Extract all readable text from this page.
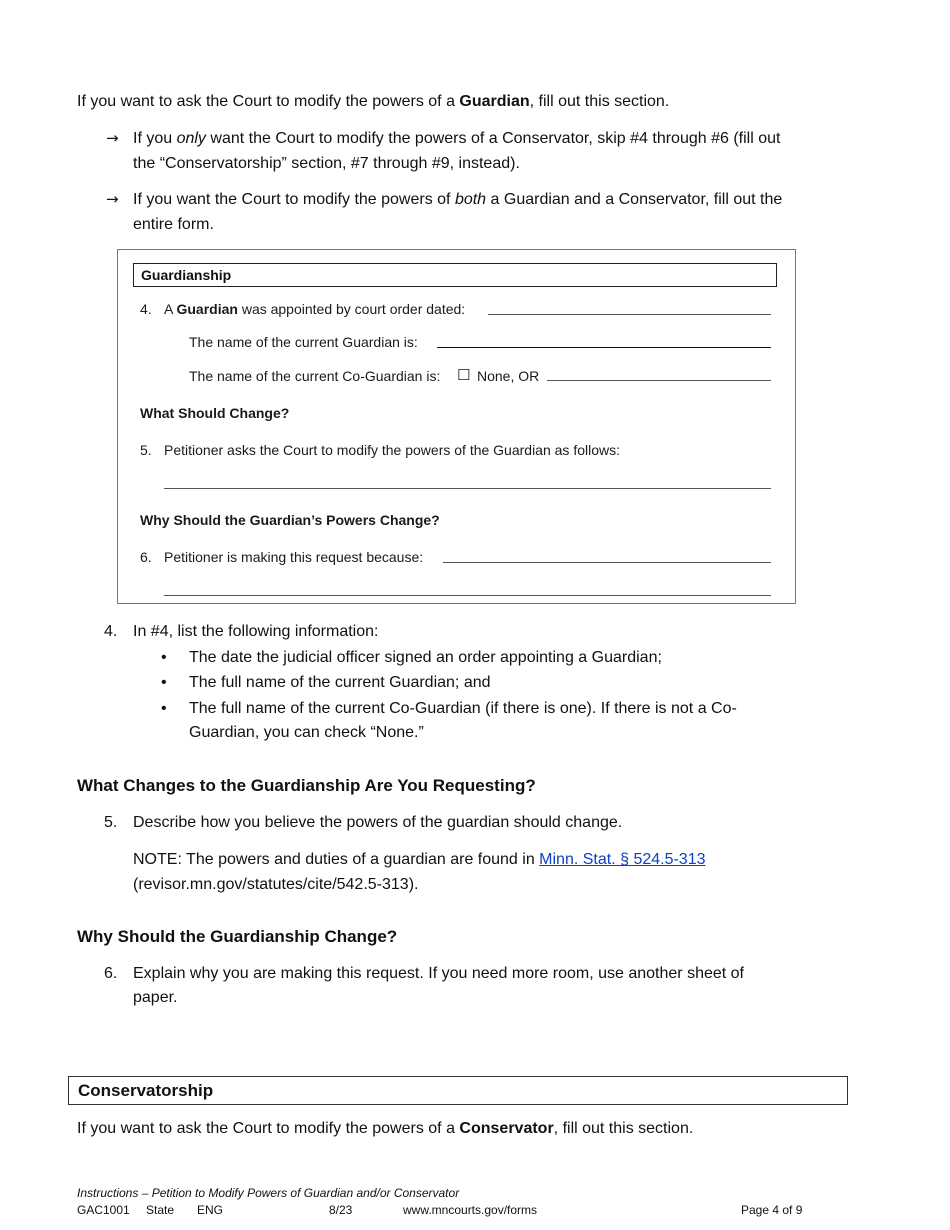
If you want to ask the Court to modify the powers of a Guardian, fill out this section.
→ If you only want the Court to modify the powers of a Conservator, skip #4 through #6 (fill out
the “Conservatorship” section, #7 through #9, instead).
→ If you want the Court to modify the powers of both a Guardian and a Conservator, fill out the
entire form.
Guardianship
4. A Guardian was appointed by court order dated:
The name of the current Guardian is:
The name of the current Co-Guardian is: ☐ None, OR
What Should Change?
5. Petitioner asks the Court to modify the powers of the Guardian as follows:
Why Should the Guardian’s Powers Change?
6. Petitioner is making this request because:
4. In #4, list the following information:
• The date the judicial officer signed an order appointing a Guardian;
• The full name of the current Guardian; and
• The full name of the current Co-Guardian (if there is one). If there is not a Co-
Guardian, you can check “None.”
What Changes to the Guardianship Are You Requesting?
5. Describe how you believe the powers of the guardian should change.
NOTE: The powers and duties of a guardian are found in Minn. Stat. § 524.5-313
(revisor.mn.gov/statutes/cite/542.5-313).
Why Should the Guardianship Change?
6. Explain why you are making this request. If you need more room, use another sheet of
paper.
Conservatorship
If you want to ask the Court to modify the powers of a Conservator, fill out this section.
Instructions – Petition to Modify Powers of Guardian and/or Conservator
GAC1001 State ENG	8/23	www.mncourts.gov/forms	Page 4 of 9
